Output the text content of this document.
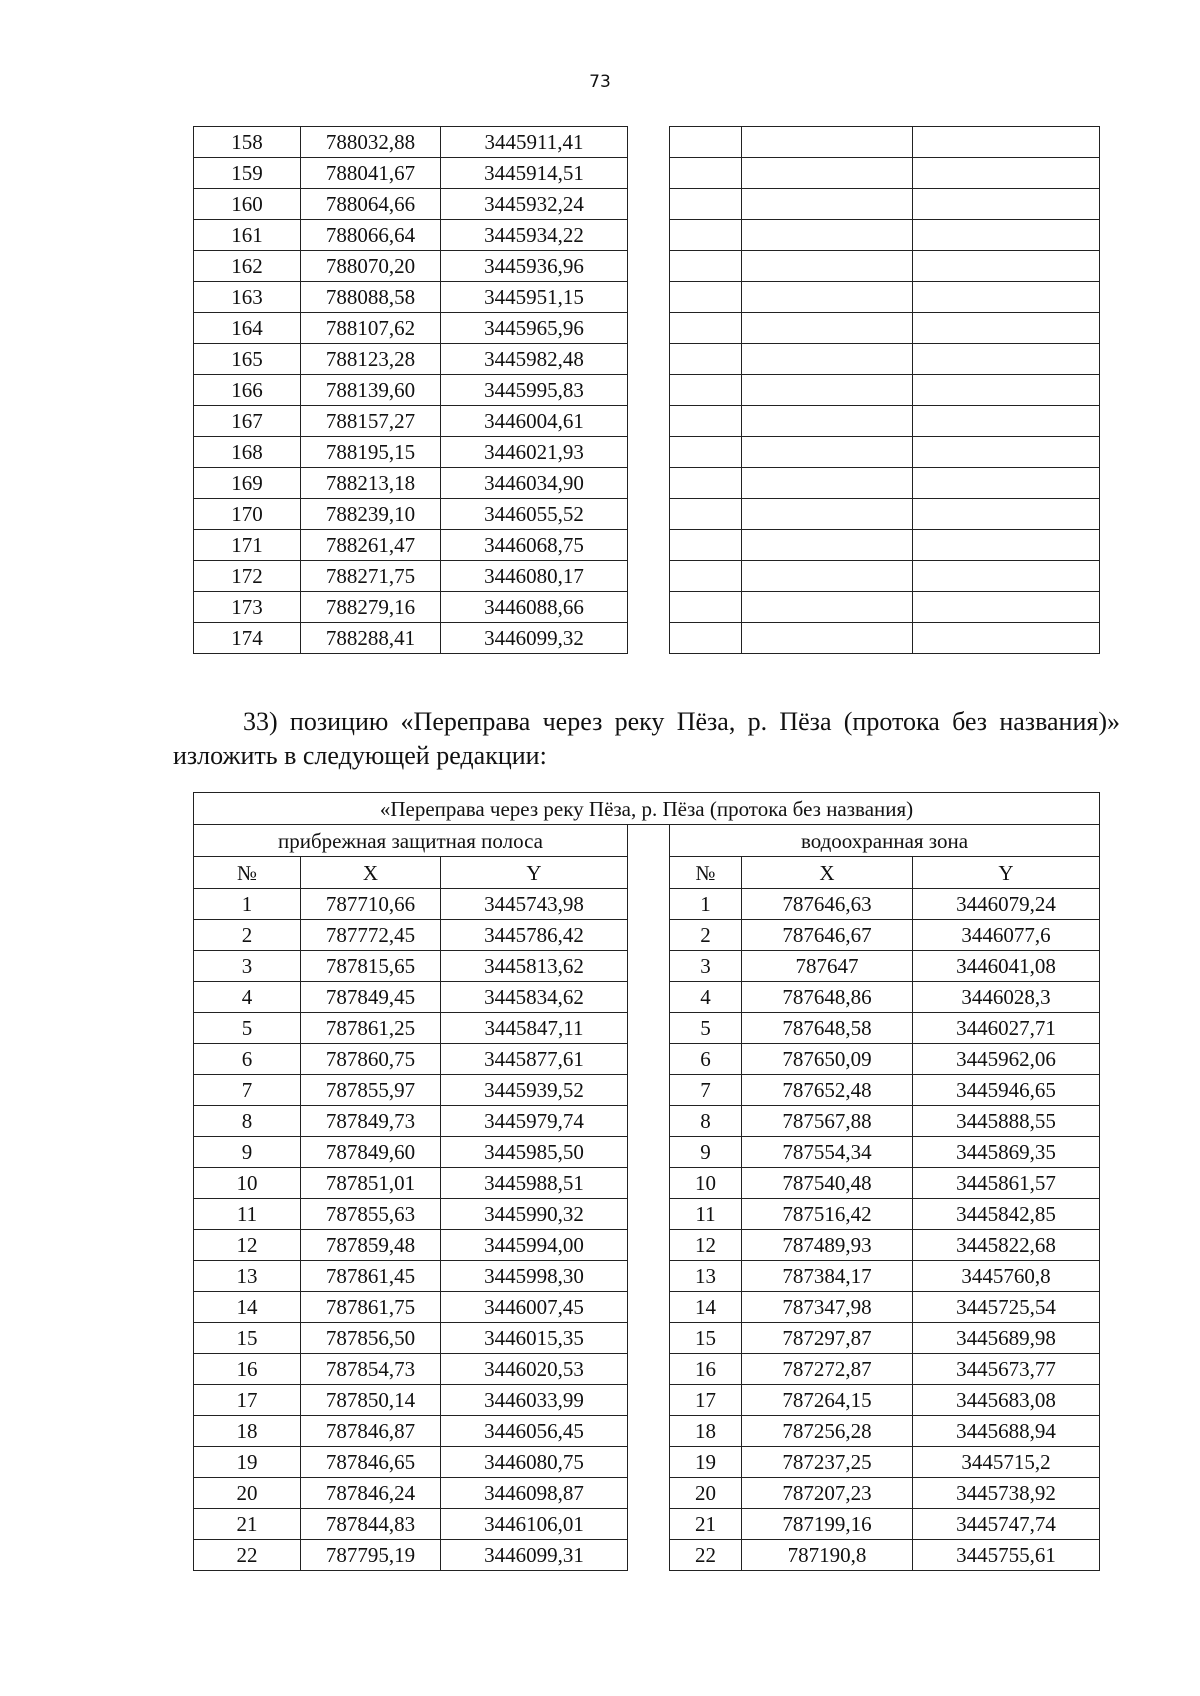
73
158	788032,88	3445911,41				
159	788041,67	3445914,51				
160	788064,66	3445932,24				
161	788066,64	3445934,22				
162	788070,20	3445936,96				
163	788088,58	3445951,15				
164	788107,62	3445965,96				
165	788123,28	3445982,48				
166	788139,60	3445995,83				
167	788157,27	3446004,61				
168	788195,15	3446021,93				
169	788213,18	3446034,90				
170	788239,10	3446055,52				
171	788261,47	3446068,75				
172	788271,75	3446080,17				
173	788279,16	3446088,66				
174	788288,41	3446099,32				

33) позицию «Переправа через реку Пёза, р. Пёза (протока без названия)» изложить в следующей редакции:

«Переправа через реку Пёза, р. Пёза (протока без названия)						
прибрежная защитная полоса				водоохранная зона		
№	X	Y		№	X	Y
1	787710,66	3445743,98		1	787646,63	3446079,24
2	787772,45	3445786,42		2	787646,67	3446077,6
3	787815,65	3445813,62		3	787647	3446041,08
4	787849,45	3445834,62		4	787648,86	3446028,3
5	787861,25	3445847,11		5	787648,58	3446027,71
6	787860,75	3445877,61		6	787650,09	3445962,06
7	787855,97	3445939,52		7	787652,48	3445946,65
8	787849,73	3445979,74		8	787567,88	3445888,55
9	787849,60	3445985,50		9	787554,34	3445869,35
10	787851,01	3445988,51		10	787540,48	3445861,57
11	787855,63	3445990,32		11	787516,42	3445842,85
12	787859,48	3445994,00		12	787489,93	3445822,68
13	787861,45	3445998,30		13	787384,17	3445760,8
14	787861,75	3446007,45		14	787347,98	3445725,54
15	787856,50	3446015,35		15	787297,87	3445689,98
16	787854,73	3446020,53		16	787272,87	3445673,77
17	787850,14	3446033,99		17	787264,15	3445683,08
18	787846,87	3446056,45		18	787256,28	3445688,94
19	787846,65	3446080,75		19	787237,25	3445715,2
20	787846,24	3446098,87		20	787207,23	3445738,92
21	787844,83	3446106,01		21	787199,16	3445747,74
22	787795,19	3446099,31		22	787190,8	3445755,61
